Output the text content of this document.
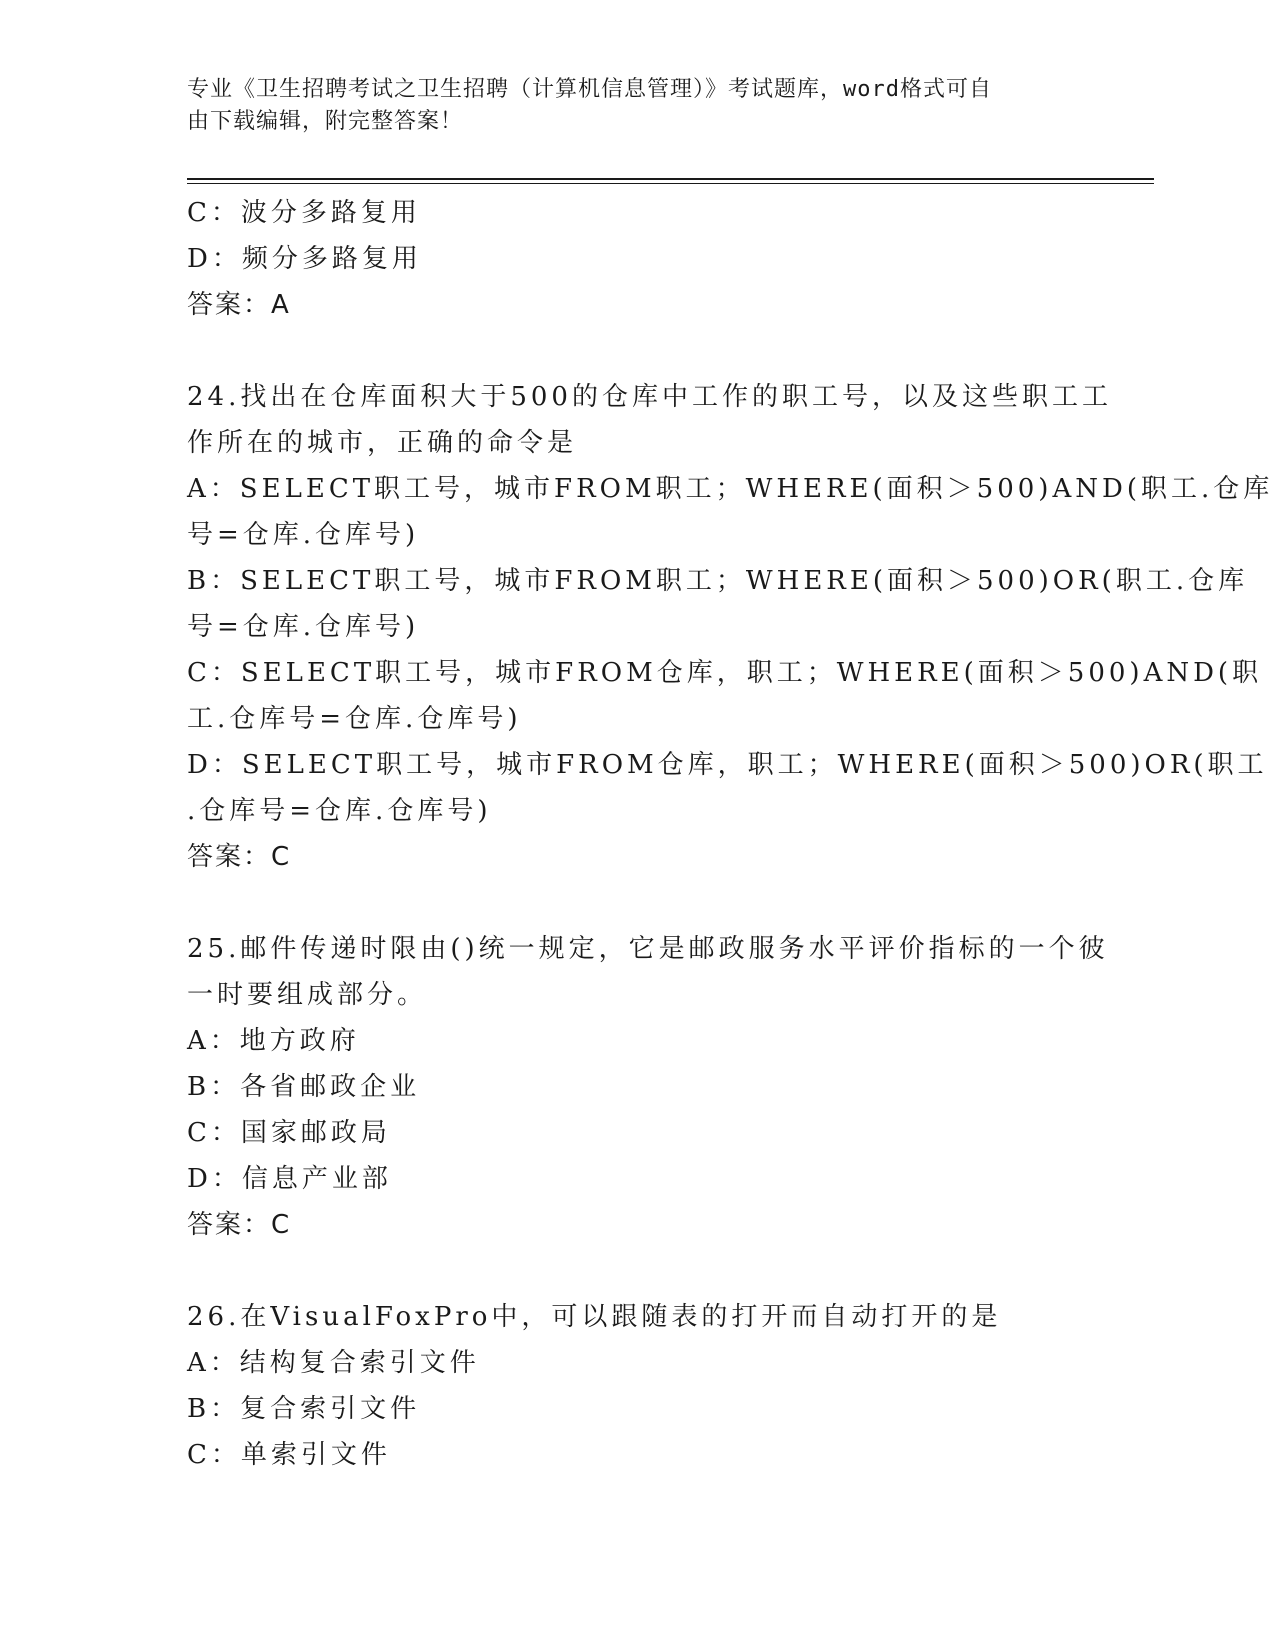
专业《卫生招聘考试之卫生招聘（计算机信息管理）》考试题库，word格式可自
由下载编辑，附完整答案！
C：波分多路复用
D：频分多路复用
答案：A
24.找出在仓库面积大于500的仓库中工作的职工号，以及这些职工工
作所在的城市，正确的命令是
A：SELECT职工号，城市FROM职工；WHERE(面积＞500)AND(职工.仓库
号=仓库.仓库号)
B：SELECT职工号，城市FROM职工；WHERE(面积＞500)OR(职工.仓库
号=仓库.仓库号)
C：SELECT职工号，城市FROM仓库，职工；WHERE(面积＞500)AND(职
工.仓库号=仓库.仓库号)
D：SELECT职工号，城市FROM仓库，职工；WHERE(面积＞500)OR(职工
.仓库号=仓库.仓库号)
答案：C
25.邮件传递时限由()统一规定，它是邮政服务水平评价指标的一个彼
一时要组成部分。
A：地方政府
B：各省邮政企业
C：国家邮政局
D：信息产业部
答案：C
26.在VisualFoxPro中，可以跟随表的打开而自动打开的是
A：结构复合索引文件
B：复合索引文件
C：单索引文件
